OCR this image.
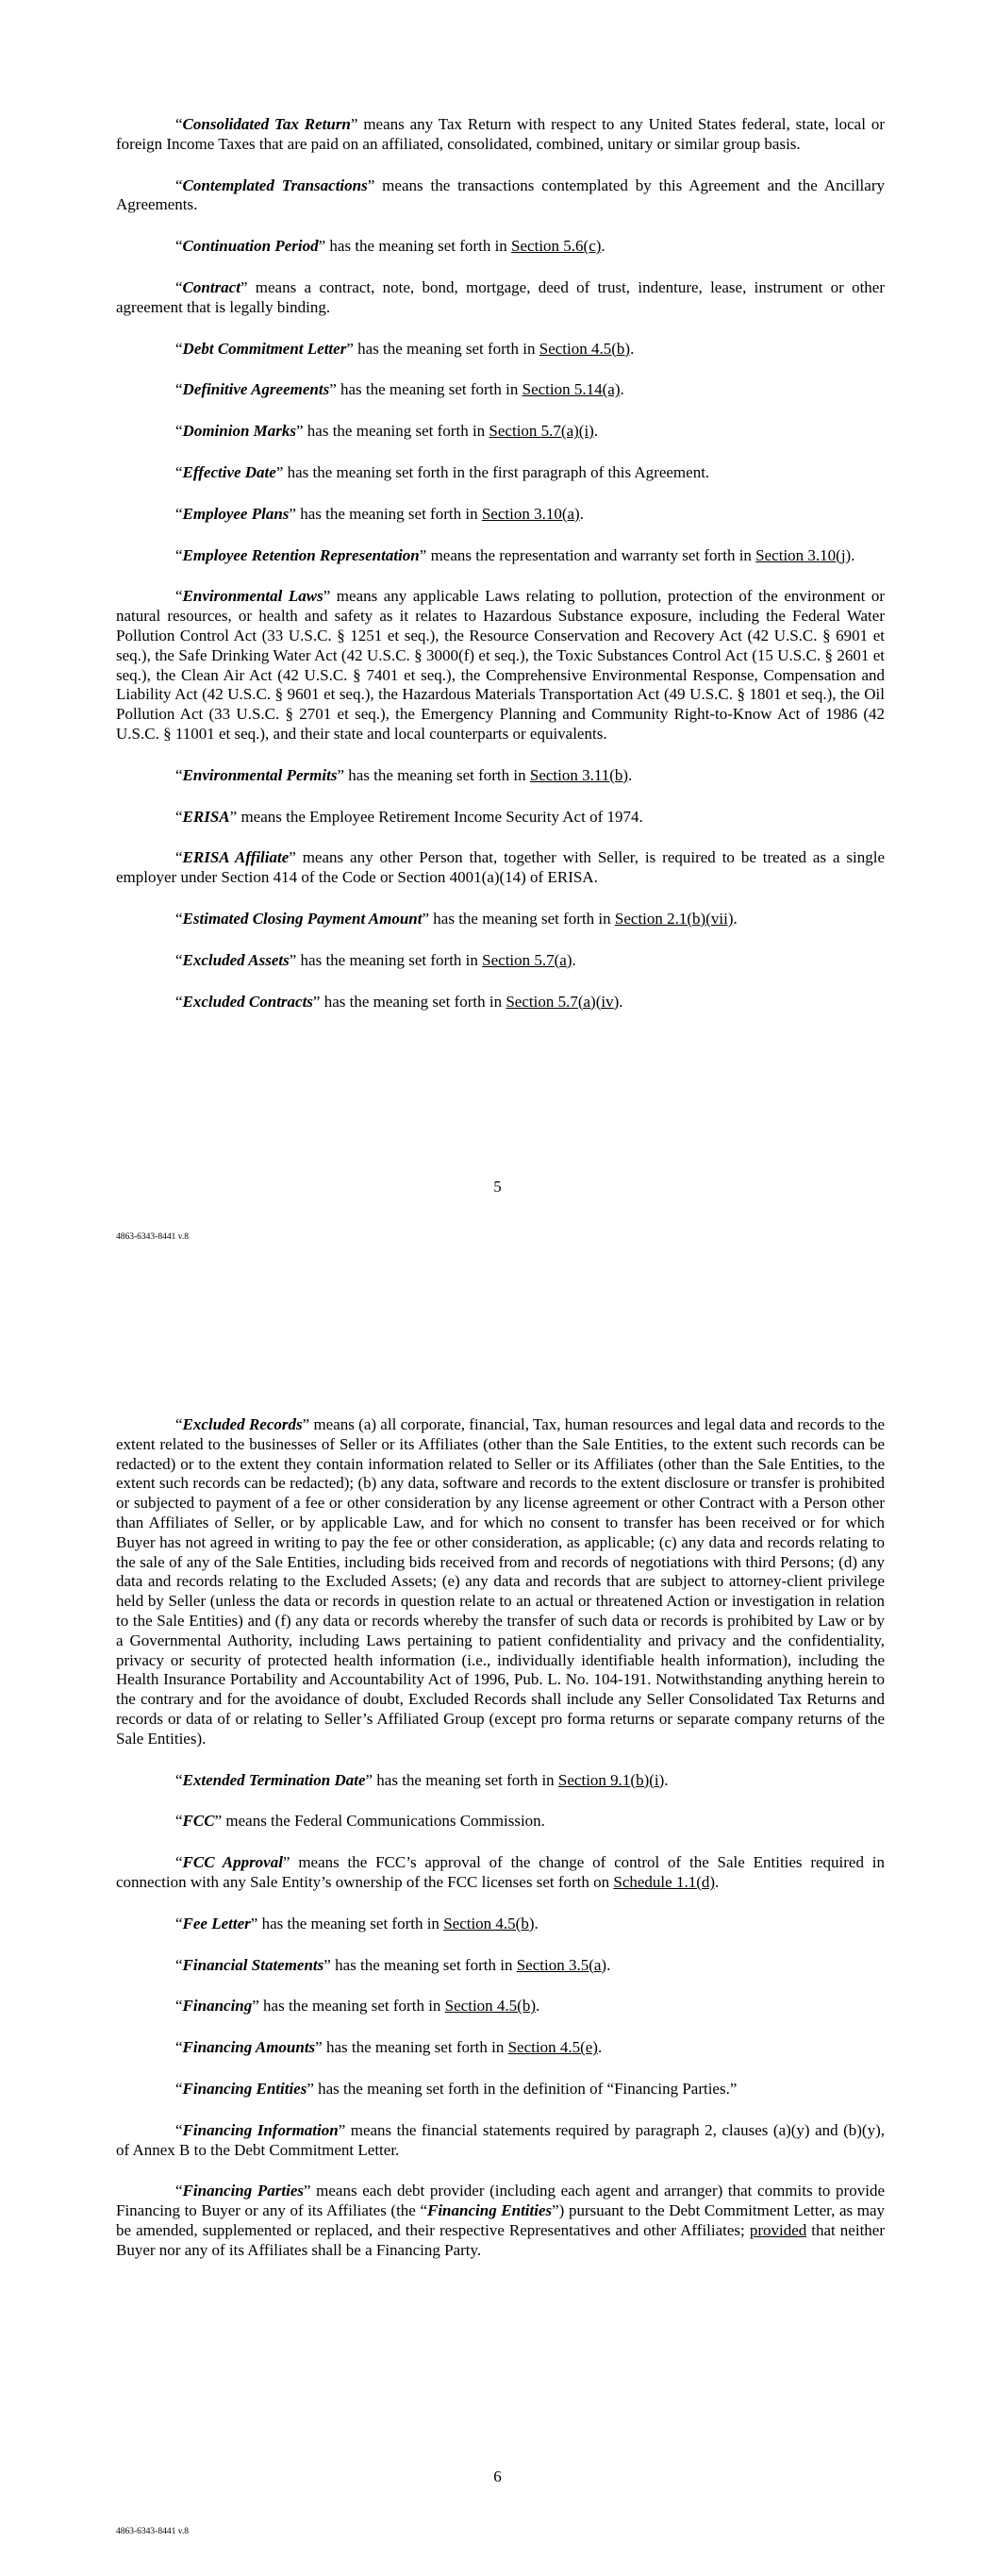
“Consolidated Tax Return” means any Tax Return with respect to any United States federal, state, local or foreign Income Taxes that are paid on an affiliated, consolidated, combined, unitary or similar group basis.

“Contemplated Transactions” means the transactions contemplated by this Agreement and the Ancillary Agreements.

“Continuation Period” has the meaning set forth in Section 5.6(c).

“Contract” means a contract, note, bond, mortgage, deed of trust, indenture, lease, instrument or other agreement that is legally binding.

“Debt Commitment Letter” has the meaning set forth in Section 4.5(b).

“Definitive Agreements” has the meaning set forth in Section 5.14(a).

“Dominion Marks” has the meaning set forth in Section 5.7(a)(i).

“Effective Date” has the meaning set forth in the first paragraph of this Agreement.

“Employee Plans” has the meaning set forth in Section 3.10(a).

“Employee Retention Representation” means the representation and warranty set forth in Section 3.10(j).

“Environmental Laws” means any applicable Laws relating to pollution, protection of the environment or natural resources, or health and safety as it relates to Hazardous Substance exposure, including the Federal Water Pollution Control Act (33 U.S.C. § 1251 et seq.), the Resource Conservation and Recovery Act (42 U.S.C. § 6901 et seq.), the Safe Drinking Water Act (42 U.S.C. § 3000(f) et seq.), the Toxic Substances Control Act (15 U.S.C. § 2601 et seq.), the Clean Air Act (42 U.S.C. § 7401 et seq.), the Comprehensive Environmental Response, Compensation and Liability Act (42 U.S.C. § 9601 et seq.), the Hazardous Materials Transportation Act (49 U.S.C. § 1801 et seq.), the Oil Pollution Act (33 U.S.C. § 2701 et seq.), the Emergency Planning and Community Right-to-Know Act of 1986 (42 U.S.C. § 11001 et seq.), and their state and local counterparts or equivalents.

“Environmental Permits” has the meaning set forth in Section 3.11(b).

“ERISA” means the Employee Retirement Income Security Act of 1974.

“ERISA Affiliate” means any other Person that, together with Seller, is required to be treated as a single employer under Section 414 of the Code or Section 4001(a)(14) of ERISA.

“Estimated Closing Payment Amount” has the meaning set forth in Section 2.1(b)(vii).

“Excluded Assets” has the meaning set forth in Section 5.7(a).

“Excluded Contracts” has the meaning set forth in Section 5.7(a)(iv).

5
4863-6343-8441 v.8

“Excluded Records” means (a) all corporate, financial, Tax, human resources and legal data and records to the extent related to the businesses of Seller or its Affiliates (other than the Sale Entities, to the extent such records can be redacted) or to the extent they contain information related to Seller or its Affiliates (other than the Sale Entities, to the extent such records can be redacted); (b) any data, software and records to the extent disclosure or transfer is prohibited or subjected to payment of a fee or other consideration by any license agreement or other Contract with a Person other than Affiliates of Seller, or by applicable Law, and for which no consent to transfer has been received or for which Buyer has not agreed in writing to pay the fee or other consideration, as applicable; (c) any data and records relating to the sale of any of the Sale Entities, including bids received from and records of negotiations with third Persons; (d) any data and records relating to the Excluded Assets; (e) any data and records that are subject to attorney-client privilege held by Seller (unless the data or records in question relate to an actual or threatened Action or investigation in relation to the Sale Entities) and (f) any data or records whereby the transfer of such data or records is prohibited by Law or by a Governmental Authority, including Laws pertaining to patient confidentiality and privacy and the confidentiality, privacy or security of protected health information (i.e., individually identifiable health information), including the Health Insurance Portability and Accountability Act of 1996, Pub. L. No. 104-191. Notwithstanding anything herein to the contrary and for the avoidance of doubt, Excluded Records shall include any Seller Consolidated Tax Returns and records or data of or relating to Seller’s Affiliated Group (except pro forma returns or separate company returns of the Sale Entities).

“Extended Termination Date” has the meaning set forth in Section 9.1(b)(i).

“FCC” means the Federal Communications Commission.

“FCC Approval” means the FCC’s approval of the change of control of the Sale Entities required in connection with any Sale Entity’s ownership of the FCC licenses set forth on Schedule 1.1(d).

“Fee Letter” has the meaning set forth in Section 4.5(b).

“Financial Statements” has the meaning set forth in Section 3.5(a).

“Financing” has the meaning set forth in Section 4.5(b).

“Financing Amounts” has the meaning set forth in Section 4.5(e).

“Financing Entities” has the meaning set forth in the definition of “Financing Parties.”

“Financing Information” means the financial statements required by paragraph 2, clauses (a)(y) and (b)(y), of Annex B to the Debt Commitment Letter.

“Financing Parties” means each debt provider (including each agent and arranger) that commits to provide Financing to Buyer or any of its Affiliates (the “Financing Entities”) pursuant to the Debt Commitment Letter, as may be amended, supplemented or replaced, and their respective Representatives and other Affiliates; provided that neither Buyer nor any of its Affiliates shall be a Financing Party.

6
4863-6343-8441 v.8
